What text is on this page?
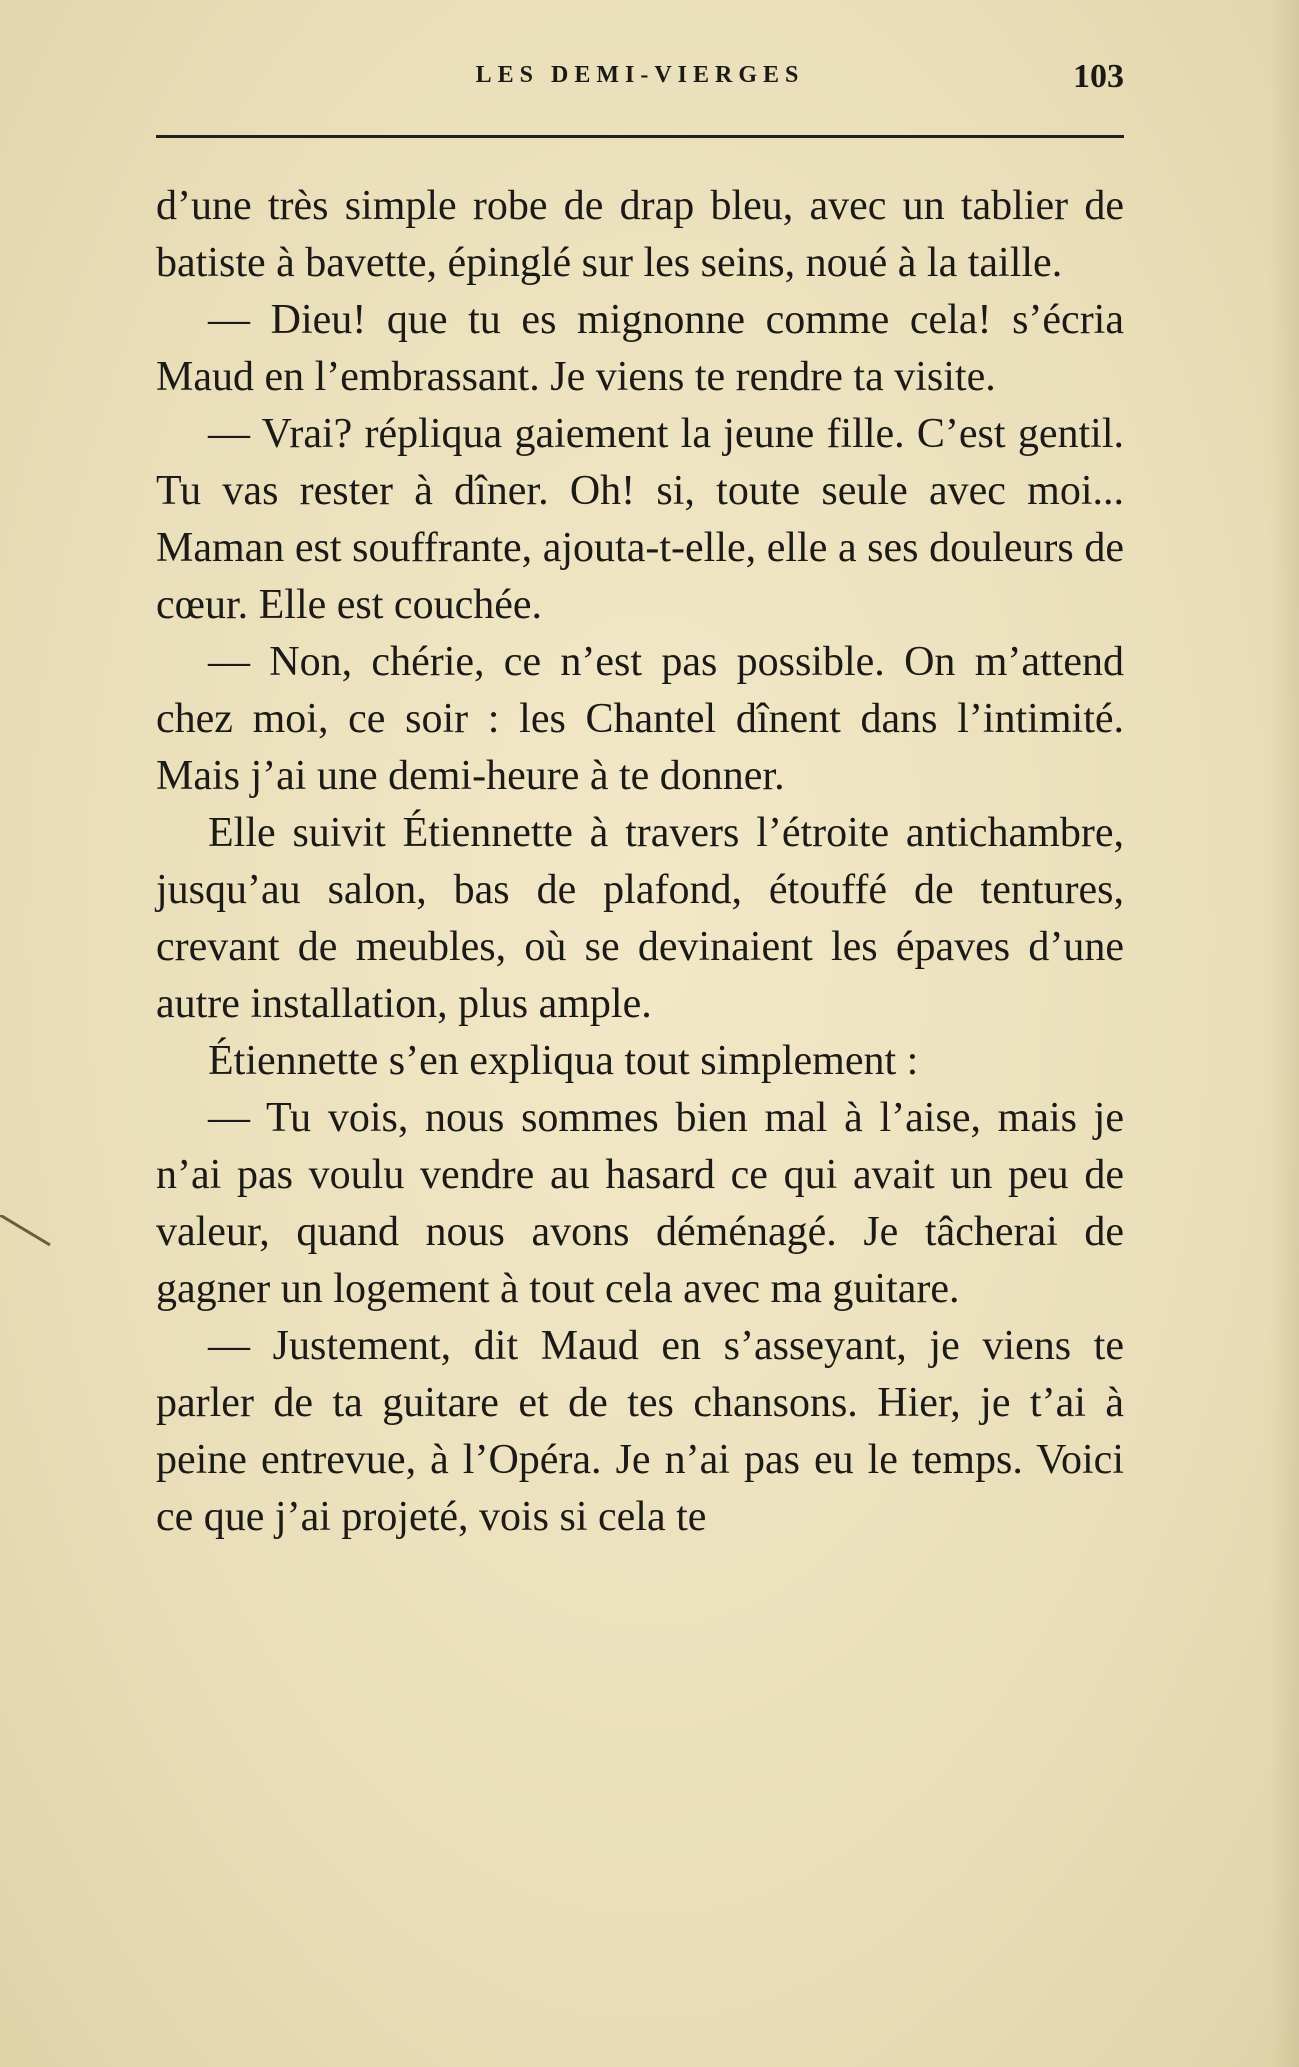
LES DEMI-VIERGES	103

d’une très simple robe de drap bleu, avec un tablier de batiste à bavette, épinglé sur les seins, noué à la taille.

— Dieu! que tu es mignonne comme cela! s’écria Maud en l’embrassant. Je viens te rendre ta visite.

— Vrai? répliqua gaiement la jeune fille. C’est gentil. Tu vas rester à dîner. Oh! si, toute seule avec moi... Maman est souffrante, ajouta-t-elle, elle a ses douleurs de cœur. Elle est couchée.

— Non, chérie, ce n’est pas possible. On m’attend chez moi, ce soir : les Chantel dînent dans l’intimité. Mais j’ai une demi-heure à te donner.

Elle suivit Étiennette à travers l’étroite antichambre, jusqu’au salon, bas de plafond, étouffé de tentures, crevant de meubles, où se devinaient les épaves d’une autre installation, plus ample.

Étiennette s’en expliqua tout simplement :

— Tu vois, nous sommes bien mal à l’aise, mais je n’ai pas voulu vendre au hasard ce qui avait un peu de valeur, quand nous avons déménagé. Je tâcherai de gagner un logement à tout cela avec ma guitare.

— Justement, dit Maud en s’asseyant, je viens te parler de ta guitare et de tes chansons. Hier, je t’ai à peine entrevue, à l’Opéra. Je n’ai pas eu le temps. Voici ce que j’ai projeté, vois si cela te
